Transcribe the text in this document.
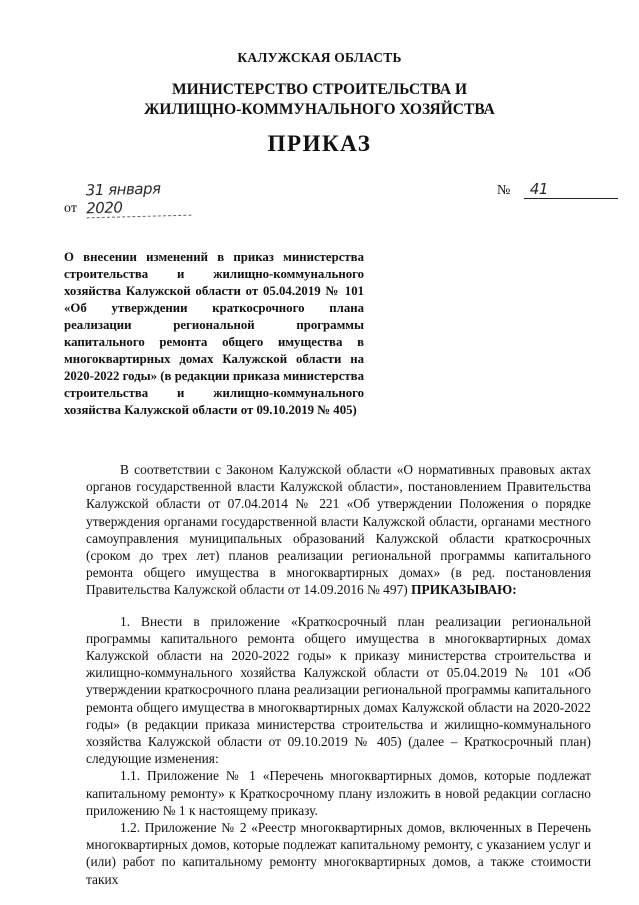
КАЛУЖСКАЯ ОБЛАСТЬ
МИНИСТЕРСТВО СТРОИТЕЛЬСТВА И
ЖИЛИЩНО-КОММУНАЛЬНОГО ХОЗЯЙСТВА
ПРИКАЗ
от 31 января 2020
№ 41
О внесении изменений в приказ министерства строительства и жилищно-коммунального хозяйства Калужской области от 05.04.2019 № 101 «Об утверждении краткосрочного плана реализации региональной программы капитального ремонта общего имущества в многоквартирных домах Калужской области на 2020-2022 годы» (в редакции приказа министерства строительства и жилищно-коммунального хозяйства Калужской области от 09.10.2019 № 405)

В соответствии с Законом Калужской области «О нормативных правовых актах органов государственной власти Калужской области», постановлением Правительства Калужской области от 07.04.2014 № 221 «Об утверждении Положения о порядке утверждения органами государственной власти Калужской области, органами местного самоуправления муниципальных образований Калужской области краткосрочных (сроком до трех лет) планов реализации региональной программы капитального ремонта общего имущества в многоквартирных домах» (в ред. постановления Правительства Калужской области от 14.09.2016 № 497) ПРИКАЗЫВАЮ:

1. Внести в приложение «Краткосрочный план реализации региональной программы капитального ремонта общего имущества в многоквартирных домах Калужской области на 2020-2022 годы» к приказу министерства строительства и жилищно-коммунального хозяйства Калужской области от 05.04.2019 № 101 «Об утверждении краткосрочного плана реализации региональной программы капитального ремонта общего имущества в многоквартирных домах Калужской области на 2020-2022 годы» (в редакции приказа министерства строительства и жилищно-коммунального хозяйства Калужской области от 09.10.2019 № 405) (далее – Краткосрочный план) следующие изменения:

1.1. Приложение № 1 «Перечень многоквартирных домов, которые подлежат капитальному ремонту» к Краткосрочному плану изложить в новой редакции согласно приложению № 1 к настоящему приказу.

1.2. Приложение № 2 «Реестр многоквартирных домов, включенных в Перечень многоквартирных домов, которые подлежат капитальному ремонту, с указанием услуг и (или) работ по капитальному ремонту многоквартирных домов, а также стоимости таких
